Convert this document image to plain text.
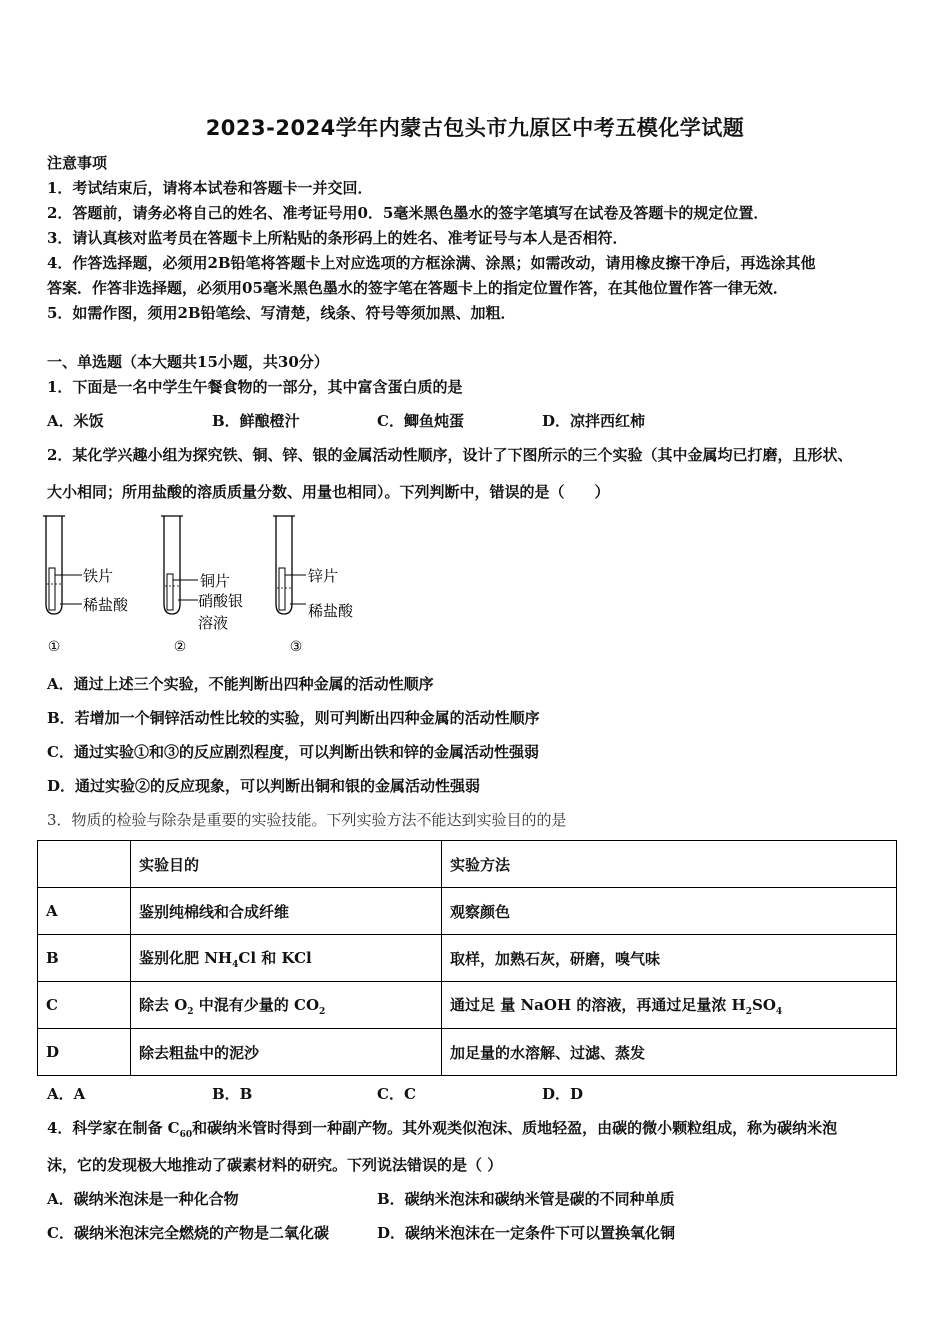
2023-2024学年内蒙古包头市九原区中考五模化学试题
注意事项
1．考试结束后，请将本试卷和答题卡一并交回．
2．答题前，请务必将自己的姓名、准考证号用0．5毫米黑色墨水的签字笔填写在试卷及答题卡的规定位置．
3．请认真核对监考员在答题卡上所粘贴的条形码上的姓名、准考证号与本人是否相符．
4．作答选择题，必须用2B铅笔将答题卡上对应选项的方框涂满、涂黑；如需改动，请用橡皮擦干净后，再选涂其他
答案．作答非选择题，必须用05毫米黑色墨水的签字笔在答题卡上的指定位置作答，在其他位置作答一律无效．
5．如需作图，须用2B铅笔绘、写清楚，线条、符号等须加黑、加粗．
一、单选题（本大题共15小题，共30分）
1．下面是一名中学生午餐食物的一部分，其中富含蛋白质的是
A．米饭	B．鲜酿橙汁	C．鲫鱼炖蛋	D．凉拌西红柿
2．某化学兴趣小组为探究铁、铜、锌、银的金属活动性顺序，设计了下图所示的三个实验（其中金属均已打磨，且形状、
大小相同；所用盐酸的溶质质量分数、用量也相同）。下列判断中，错误的是（　　）
铁片
稀盐酸
①
铜片
硝酸银
溶液
②
锌片
稀盐酸
③
A．通过上述三个实验，不能判断出四种金属的活动性顺序
B．若增加一个铜锌活动性比较的实验，则可判断出四种金属的活动性顺序
C．通过实验①和③的反应剧烈程度，可以判断出铁和锌的金属活动性强弱
D．通过实验②的反应现象，可以判断出铜和银的金属活动性强弱
3．物质的检验与除杂是重要的实验技能。下列实验方法不能达到实验目的的是
	实验目的	实验方法
A	鉴别纯棉线和合成纤维	观察颜色
B	鉴别化肥 $NH_4Cl$ 和 KCl	取样，加熟石灰，研磨，嗅气味
C	除去 $O_2$ 中混有少量的 $CO_2$	通过足 量 NaOH 的溶液，再通过足量浓 $H_2SO_4$
D	除去粗盐中的泥沙	加足量的水溶解、过滤、蒸发
A．A	B．B	C．C	D．D
4．科学家在制备 $C_{60}$和碳纳米管时得到一种副产物。其外观类似泡沫、质地轻盈，由碳的微小颗粒组成，称为碳纳米泡
沫，它的发现极大地推动了碳素材料的研究。下列说法错误的是（ ）
A．碳纳米泡沫是一种化合物	B．碳纳米泡沫和碳纳米管是碳的不同种单质
C．碳纳米泡沫完全燃烧的产物是二氧化碳	D．碳纳米泡沫在一定条件下可以置换氧化铜
